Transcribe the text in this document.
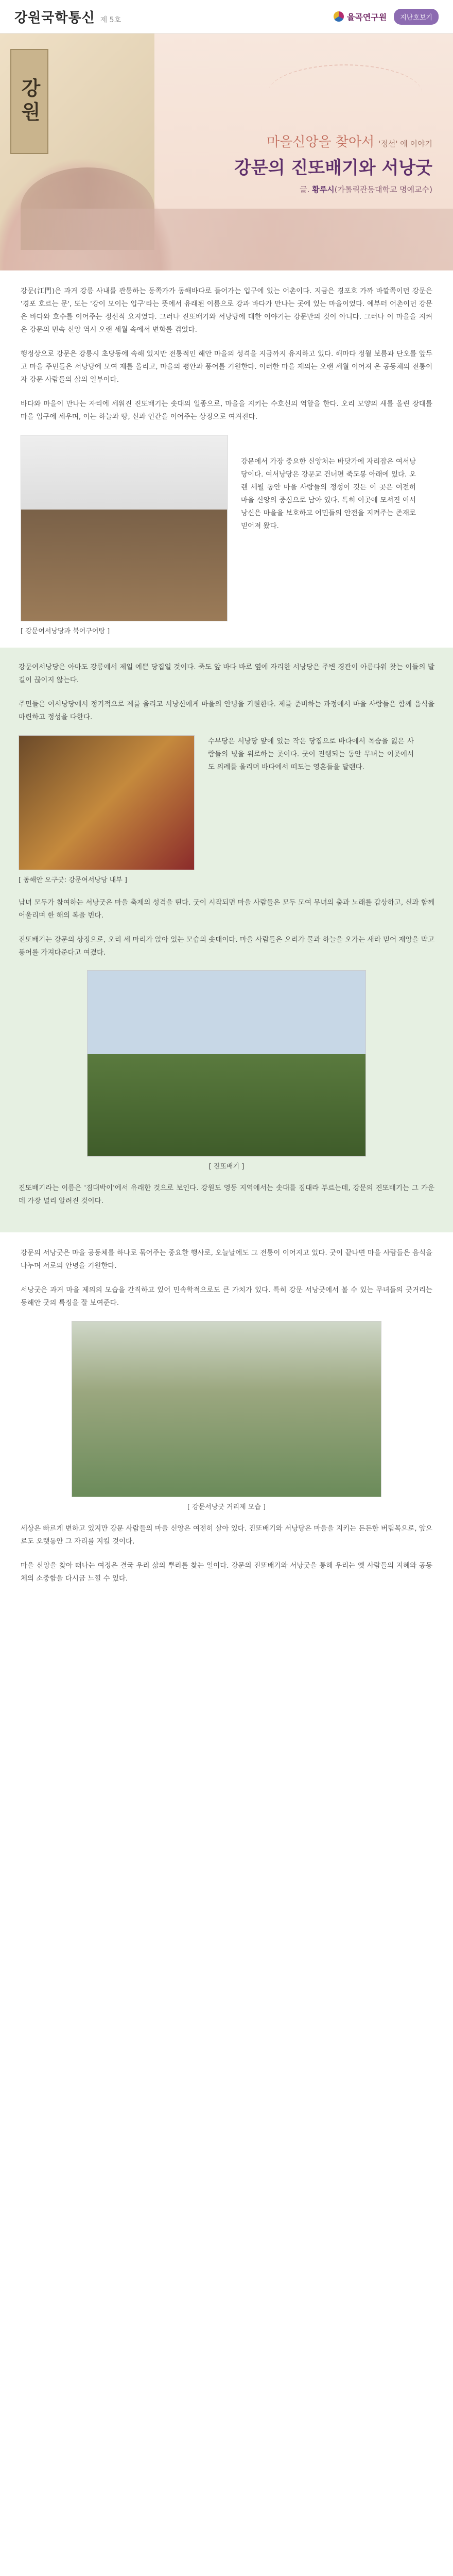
강원국학통신 제 5호	율곡연구원	지난호보기
강원
마을신앙을 찾아서 '정선' 에 이야기
강문의 진또배기와 서낭굿
글. 황루시(가톨릭관동대학교 명예교수)

강문(江門)은 과거 강릉 사내를 관통하는 동쪽가가 동해바다로 들어가는 입구에 있는 어촌이다. 지금은 경포호 가까 바깥쪽이던 강문은 '경포 호르는 문', 또는 '강이 모이는 입구'라는 뜻에서 유래된 이름으로 강과 바다가 만나는 곳에 있는 마을이었다. 예부터 어촌이던 강문은 바다와 호수를 이어주는 정신적 요지였다. 그러나 진또배기와 서낭당에 대한 이야기는 강문만의 것이 아니다. 그러나 이 마을을 지켜 온 강문의 민속 신앙 역시 오랜 세월 속에서 변화를 겪었다.

행정상으로 강문은 강릉시 초당동에 속해 있지만 전통적인 해안 마을의 성격을 지금까지 유지하고 있다. 해마다 정월 보름과 단오를 앞두고 마을 주민들은 서낭당에 모여 제를 올리고, 마을의 평안과 풍어를 기원한다. 이러한 마을 제의는 오랜 세월 이어져 온 공동체의 전통이자 강문 사람들의 삶의 일부이다.

바다와 마을이 만나는 자리에 세워진 진또배기는 솟대의 일종으로, 마을을 지키는 수호신의 역할을 한다. 오리 모양의 새를 올린 장대를 마을 입구에 세우며, 이는 하늘과 땅, 신과 인간을 이어주는 상징으로 여겨진다.

[ 강문여서낭당과 북어구어탕 ]

강문에서 가장 중요한 신앙처는 바닷가에 자리잡은 여서낭당이다. 여서낭당은 강문교 건너편 죽도봉 아래에 있다. 오랜 세월 동안 마을 사람들의 정성이 깃든 이 곳은 여전히 마을 신앙의 중심으로 남아 있다. 특히 이곳에 모셔진 여서낭신은 마을을 보호하고 어민들의 안전을 지켜주는 존재로 믿어져 왔다.

강문여서낭당은 아마도 강릉에서 제일 예쁜 당집일 것이다. 죽도 앞 바다 바로 옆에 자리한 서낭당은 주변 경관이 아름다워 찾는 이들의 발길이 끊이지 않는다.

주민들은 여서낭당에서 정기적으로 제를 올리고 서낭신에게 마을의 안녕을 기원한다. 제를 준비하는 과정에서 마을 사람들은 함께 음식을 마련하고 정성을 다한다.

[ 동해안 오구굿: 강문여서낭당 내부 ]

수부당은 서낭당 앞에 있는 작은 당집으로 바다에서 목숨을 잃은 사람들의 넋을 위로하는 곳이다. 굿이 진행되는 동안 무녀는 이곳에서도 의례를 올리며 바다에서 떠도는 영혼들을 달랜다.

남녀 모두가 참여하는 서낭굿은 마을 축제의 성격을 띤다. 굿이 시작되면 마을 사람들은 모두 모여 무녀의 춤과 노래를 감상하고, 신과 함께 어울리며 한 해의 복을 빈다.

진또배기는 강문의 상징으로, 오리 세 마리가 앉아 있는 모습의 솟대이다. 마을 사람들은 오리가 물과 하늘을 오가는 새라 믿어 재앙을 막고 풍어를 가져다준다고 여겼다.

[ 진또배기 ]

진또배기라는 이름은 '짐대박이'에서 유래한 것으로 보인다. 강원도 영동 지역에서는 솟대를 짐대라 부르는데, 강문의 진또배기는 그 가운데 가장 널리 알려진 것이다.

강문의 서낭굿은 마을 공동체를 하나로 묶어주는 중요한 행사로, 오늘날에도 그 전통이 이어지고 있다. 굿이 끝나면 마을 사람들은 음식을 나누며 서로의 안녕을 기원한다.

서낭굿은 과거 마을 제의의 모습을 간직하고 있어 민속학적으로도 큰 가치가 있다. 특히 강문 서낭굿에서 볼 수 있는 무녀들의 굿거리는 동해안 굿의 특징을 잘 보여준다.

[ 강문서낭굿 거리제 모습 ]

세상은 빠르게 변하고 있지만 강문 사람들의 마을 신앙은 여전히 살아 있다. 진또배기와 서낭당은 마을을 지키는 든든한 버팀목으로, 앞으로도 오랫동안 그 자리를 지킬 것이다.

마을 신앙을 찾아 떠나는 여정은 결국 우리 삶의 뿌리를 찾는 일이다. 강문의 진또배기와 서낭굿을 통해 우리는 옛 사람들의 지혜와 공동체의 소중함을 다시금 느낄 수 있다.
